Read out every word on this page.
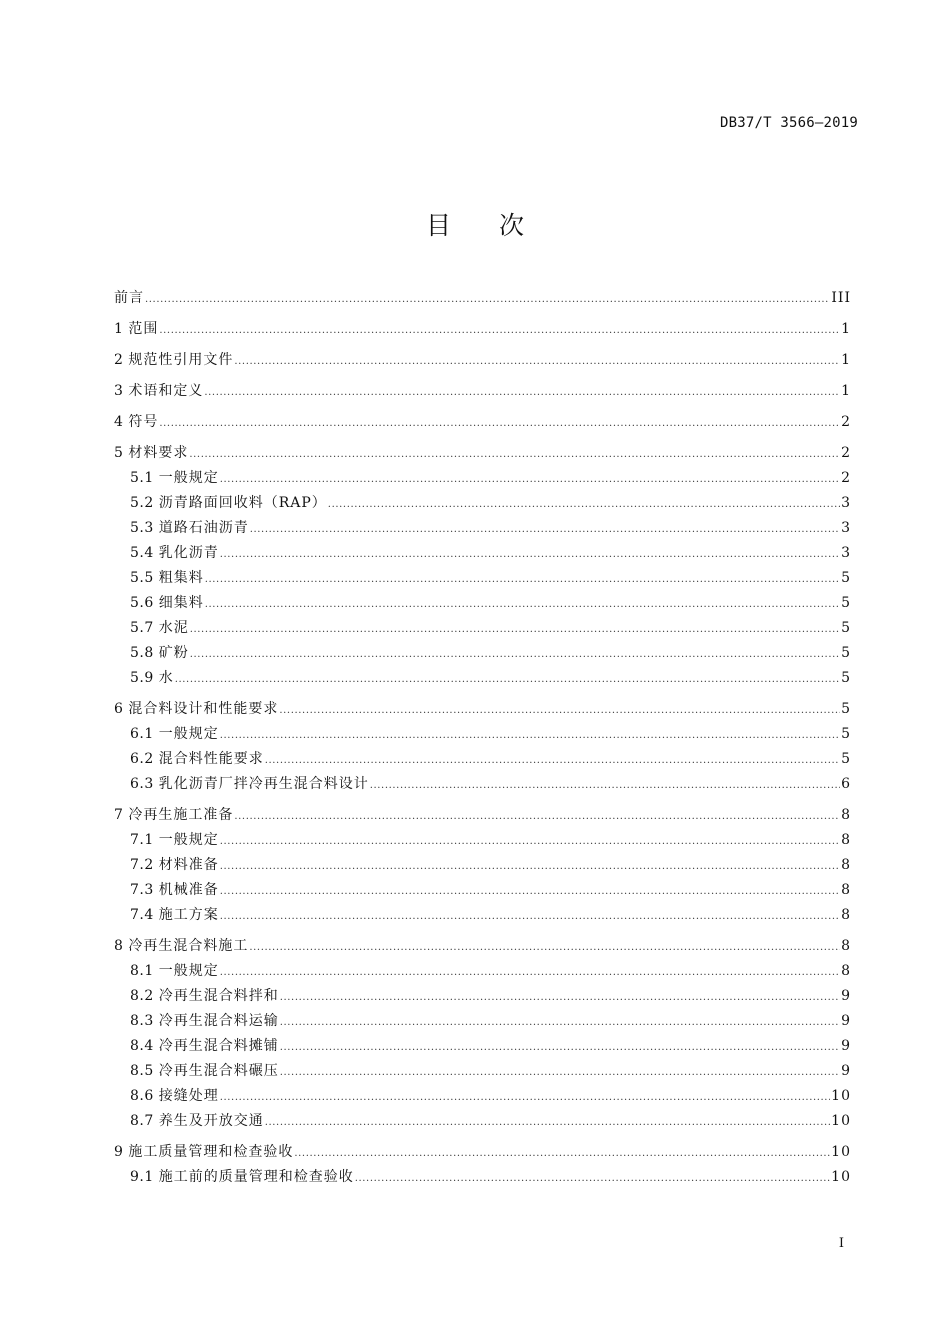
DB37/T 3566—2019
目次
前言 .....	III
1 范围 .....	1
2 规范性引用文件 .....	1
3 术语和定义 .....	1
4 符号 .....	2
5 材料要求 .....	2
5.1 一般规定 .....	2
5.2 沥青路面回收料（RAP） .....	3
5.3 道路石油沥青 .....	3
5.4 乳化沥青 .....	3
5.5 粗集料 .....	5
5.6 细集料 .....	5
5.7 水泥 .....	5
5.8 矿粉 .....	5
5.9 水 .....	5
6 混合料设计和性能要求 .....	5
6.1 一般规定 .....	5
6.2 混合料性能要求 .....	5
6.3 乳化沥青厂拌冷再生混合料设计 .....	6
7 冷再生施工准备 .....	8
7.1 一般规定 .....	8
7.2 材料准备 .....	8
7.3 机械准备 .....	8
7.4 施工方案 .....	8
8 冷再生混合料施工 .....	8
8.1 一般规定 .....	8
8.2 冷再生混合料拌和 .....	9
8.3 冷再生混合料运输 .....	9
8.4 冷再生混合料摊铺 .....	9
8.5 冷再生混合料碾压 .....	9
8.6 接缝处理 .....	10
8.7 养生及开放交通 .....	10
9 施工质量管理和检查验收 .....	10
9.1 施工前的质量管理和检查验收 .....	10
I
